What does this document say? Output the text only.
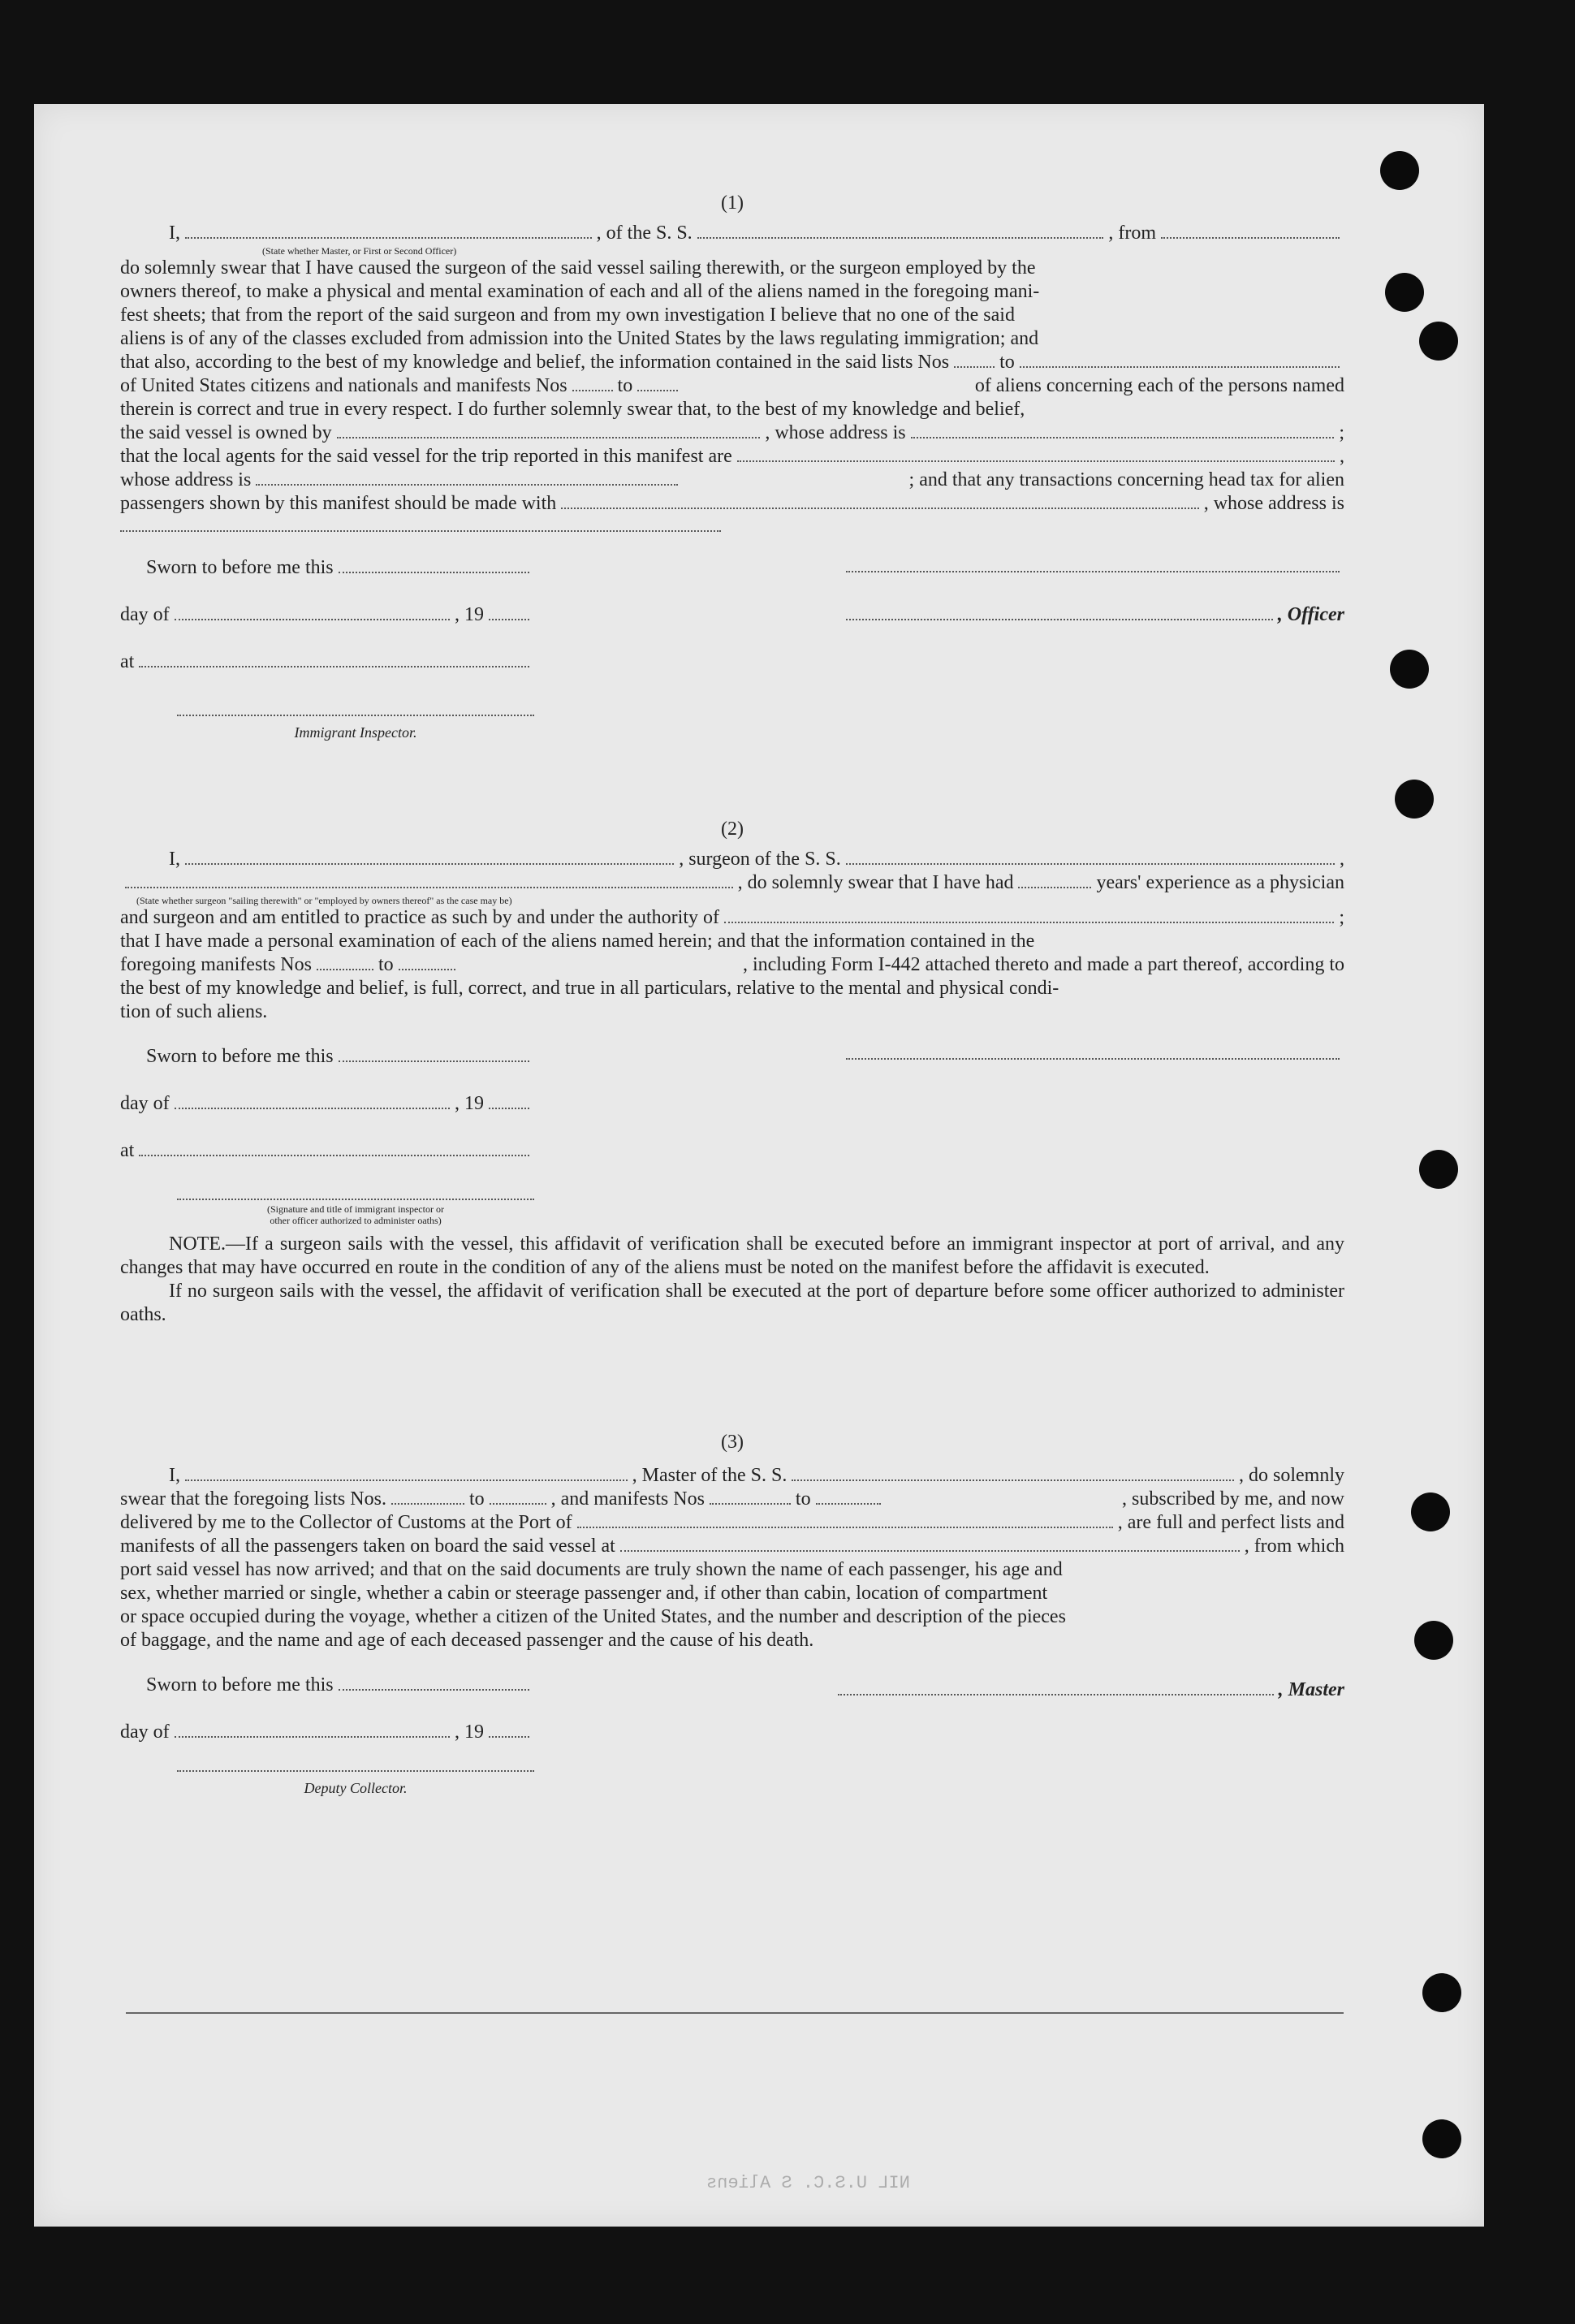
(1)
I,	, of the S. S.	, from
(State whether Master, or First or Second Officer)
do solemnly swear that I have caused the surgeon of the said vessel sailing therewith, or the surgeon employed by the
owners thereof, to make a physical and mental examination of each and all of the aliens named in the foregoing mani-
fest sheets; that from the report of the said surgeon and from my own investigation I believe that no one of the said
aliens is of any of the classes excluded from admission into the United States by the laws regulating immigration; and
that also, according to the best of my knowledge and belief, the information contained in the said lists Nos	to
of United States citizens and nationals and manifests Nos	to	of aliens concerning each of the persons named
therein is correct and true in every respect. I do further solemnly swear that, to the best of my knowledge and belief,
the said vessel is owned by	, whose address is	;
that the local agents for the said vessel for the trip reported in this manifest are	,
whose address is	; and that any transactions concerning head tax for alien
passengers shown by this manifest should be made with	, whose address is
Sworn to before me this
day of	, 19
at
Immigrant Inspector.
, Officer
(2)
I,	, surgeon of the S. S.	,
, do solemnly swear that I have had	years' experience as a physician
(State whether surgeon "sailing therewith" or "employed by owners thereof" as the case may be)
and surgeon and am entitled to practice as such by and under the authority of	;
that I have made a personal examination of each of the aliens named herein; and that the information contained in the
foregoing manifests Nos	to	, including Form I-442 attached thereto and made a part thereof, according to
the best of my knowledge and belief, is full, correct, and true in all particulars, relative to the mental and physical condi-
tion of such aliens.
Sworn to before me this
day of	, 19
at
(Signature and title of immigrant inspector or
other officer authorized to administer oaths)
NOTE.—If a surgeon sails with the vessel, this affidavit of verification shall be executed before an immigrant inspector at port of arrival, and any changes that may have occurred en route in the condition of any of the aliens must be noted on the manifest before the affidavit is executed.
If no surgeon sails with the vessel, the affidavit of verification shall be executed at the port of departure before some officer authorized to administer oaths.
(3)
I,	, Master of the S. S.	, do solemnly
swear that the foregoing lists Nos.	to	, and manifests Nos	to	, subscribed by me, and now
delivered by me to the Collector of Customs at the Port of	, are full and perfect lists and
manifests of all the passengers taken on board the said vessel at	, from which
port said vessel has now arrived; and that on the said documents are truly shown the name of each passenger, his age and
sex, whether married or single, whether a cabin or steerage passenger and, if other than cabin, location of compartment
or space occupied during the voyage, whether a citizen of the United States, and the number and description of the pieces
of baggage, and the name and age of each deceased passenger and the cause of his death.
Sworn to before me this
day of	, 19
Deputy Collector.
, Master
NIL U.S.C. S Aliens
